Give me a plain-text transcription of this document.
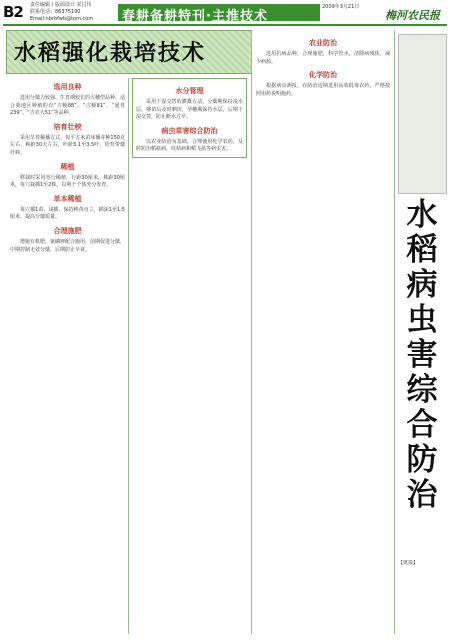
B2 责任编辑 / 版面设计 宋昌伟
联系电话：86375190
Email:nbrbfwb@tom.com	春耕备耕特刊·主推技术
2009年3月21日
梅河农民报
水稻强化栽培技术
选用良种

选用分蘖力较强、生育期较长的大穗型品种。适合我地区种植的有“吉粳88”、“吉粳81”、“通育239”、“吉农大51”等品种。

培育壮秧

采用旱育稀播方式，每平方米苗床播芽种150克左右，秧龄30天左右，叶龄3.1至3.5叶，培育带蘖壮秧。

稀植

移栽时采用宽行稀植，行距30厘米，株距30厘米，每穴栽插1至2株，以利于个体充分发育。

单本稀植

每穴插1苗，浅插，保持秧苗直立，插深1至1.5厘米，提高分蘖质量。

合理施肥

增施有机肥，氮磷钾配合施用，前期促进分蘖，中期控制无效分蘖，后期防止早衰。

水分管理

采用干湿交替的灌溉方法，分蘖期保持浅水层，够苗后及时晒田，孕穗期保持水层，后期干湿交替，防止断水过早。

病虫草害综合防治

以农业防治为基础，合理使用化学农药，及时防治稻瘟病、纹枯病和稻飞虱等病虫害。

农业防治

选用抗病品种，合理施肥，科学管水，清除病残体，减少病源。

化学防治

根据病虫测报，在防治适期选用高效低毒农药，严格按照用药说明施药。

水稻病虫害综合防治
【链接】
